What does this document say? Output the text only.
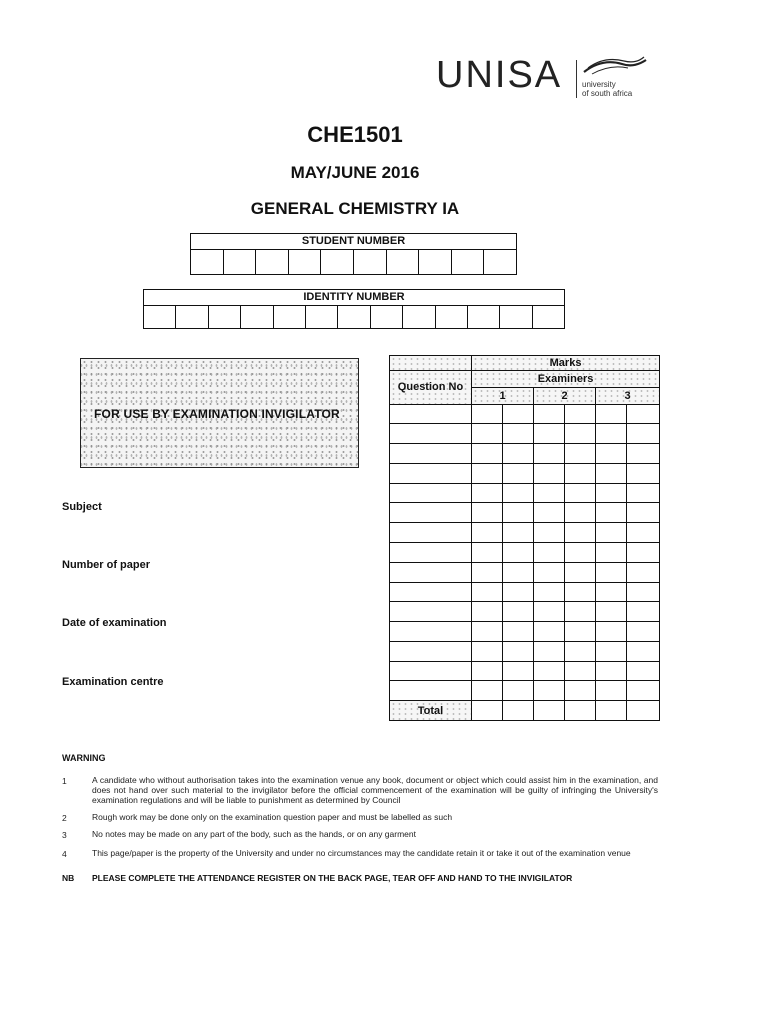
UNISA university
of south africa
CHE1501
MAY/JUNE 2016
GENERAL CHEMISTRY IA
STUDENT NUMBER
IDENTITY NUMBER
FOR USE BY EXAMINATION INVIGILATOR
Subject
Number of paper
Date of examination
Examination centre
	Marks					
Question No	Examiners					
	1		2		3	

Total						
WARNING
1	A candidate who without authorisation takes into the examination venue any book, document or object which could assist him in the examination, and does not hand over such material to the invigilator before the official commencement of the examination will be guilty of infringing the University's examination regulations and will be liable to punishment as determined by Council
2	Rough work may be done only on the examination question paper and must be labelled as such
3	No notes may be made on any part of the body, such as the hands, or on any garment
4	This page/paper is the property of the University and under no circumstances may the candidate retain it or take it out of the examination venue
NB PLEASE COMPLETE THE ATTENDANCE REGISTER ON THE BACK PAGE, TEAR OFF AND HAND TO THE INVIGILATOR
